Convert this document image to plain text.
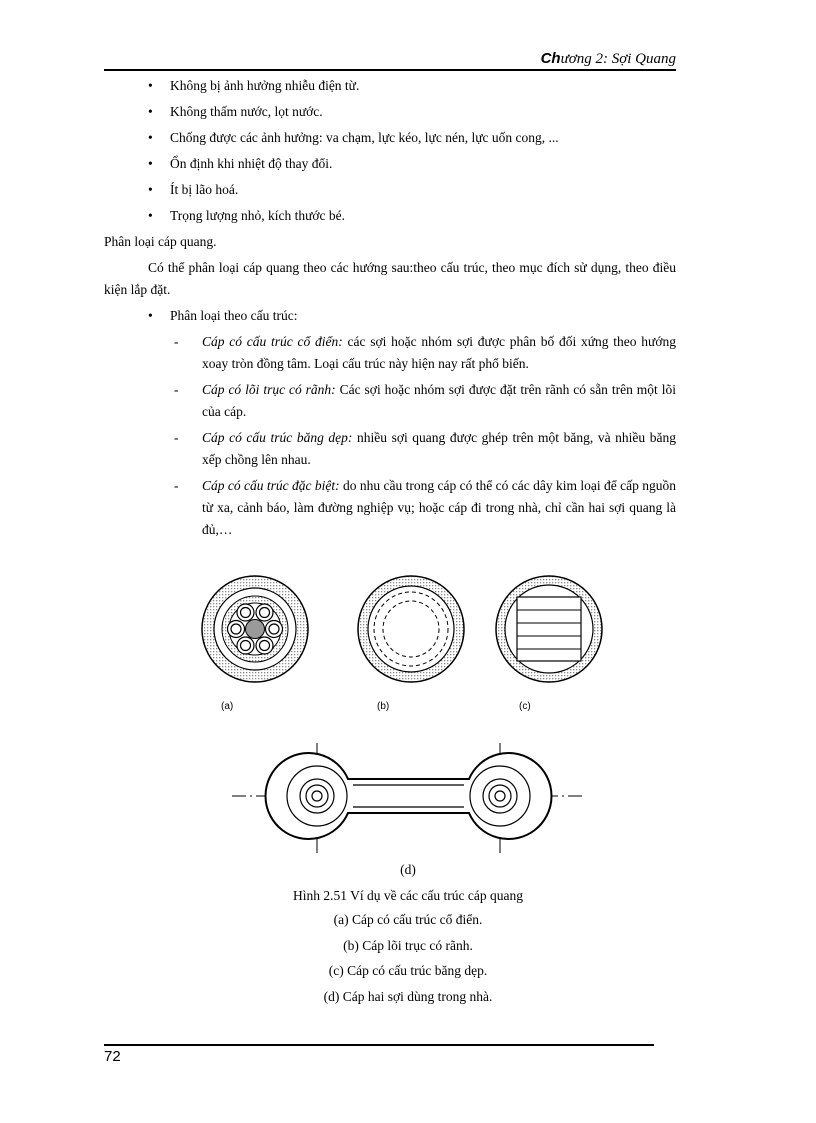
Chương 2: Sợi Quang
• Không bị ảnh hưởng nhiễu điện từ.
• Không thấm nước, lọt nước.
• Chống được các ảnh hưởng: va chạm, lực kéo, lực nén, lực uốn cong, ...
• Ổn định khi nhiệt độ thay đổi.
• Ít bị lão hoá.
• Trọng lượng nhỏ, kích thước bé.

Phân loại cáp quang.

Có thể phân loại cáp quang theo các hướng sau:theo cấu trúc, theo mục đích sử dụng, theo điều kiện lắp đặt.

• Phân loại theo cấu trúc:
- Cáp có cấu trúc cổ điển: các sợi hoặc nhóm sợi được phân bố đối xứng theo hướng xoay tròn đồng tâm. Loại cấu trúc này hiện nay rất phổ biến.
- Cáp có lõi trục có rãnh: Các sợi hoặc nhóm sợi được đặt trên rãnh có sẵn trên một lõi của cáp.
- Cáp có cấu trúc băng dẹp: nhiều sợi quang được ghép trên một băng, và nhiều băng xếp chồng lên nhau.
- Cáp có cấu trúc đặc biệt: do nhu cầu trong cáp có thể có các dây kim loại để cấp nguồn từ xa, cảnh báo, làm đường nghiệp vụ; hoặc cáp đi trong nhà, chỉ cần hai sợi quang là đủ,…
(a)	(b)	(c)
(d)
Hình 2.51 Ví dụ về các cấu trúc cáp quang
(a) Cáp có cấu trúc cổ điển.
(b) Cáp lõi trục có rãnh.
(c) Cáp có cấu trúc băng dẹp.
(d) Cáp hai sợi dùng trong nhà.
72
